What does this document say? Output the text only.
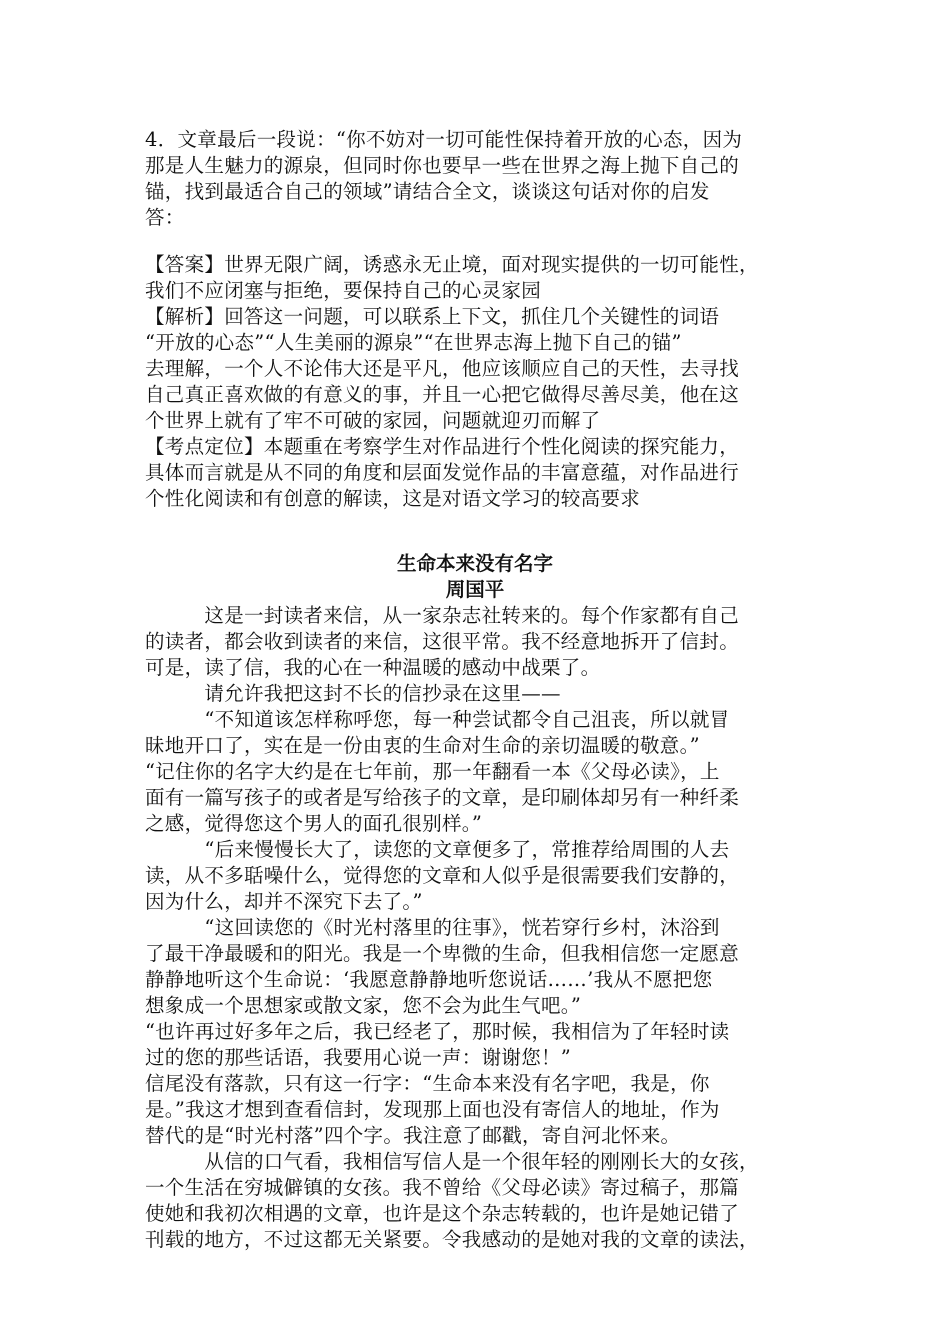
4．文章最后一段说：“你不妨对一切可能性保持着开放的心态，因为

那是人生魅力的源泉，但同时你也要早一些在世界之海上抛下自己的

锚，找到最适合自己的领域”请结合全文，谈谈这句话对你的启发

答：

【答案】世界无限广阔，诱惑永无止境，面对现实提供的一切可能性，

我们不应闭塞与拒绝，要保持自己的心灵家园

【解析】回答这一问题，可以联系上下文，抓住几个关键性的词语

“开放的心态”“人生美丽的源泉”“在世界志海上抛下自己的锚”

去理解，一个人不论伟大还是平凡，他应该顺应自己的天性，去寻找

自己真正喜欢做的有意义的事，并且一心把它做得尽善尽美，他在这

个世界上就有了牢不可破的家园，问题就迎刃而解了

【考点定位】本题重在考察学生对作品进行个性化阅读的探究能力，

具体而言就是从不同的角度和层面发觉作品的丰富意蕴，对作品进行

个性化阅读和有创意的解读，这是对语文学习的较高要求

生命本来没有名字
周国平

　　　这是一封读者来信，从一家杂志社转来的。每个作家都有自己

的读者，都会收到读者的来信，这很平常。我不经意地拆开了信封。

可是，读了信，我的心在一种温暖的感动中战栗了。

　　　请允许我把这封不长的信抄录在这里——

　　　“不知道该怎样称呼您，每一种尝试都令自己沮丧，所以就冒

昧地开口了，实在是一份由衷的生命对生命的亲切温暖的敬意。”

“记住你的名字大约是在七年前，那一年翻看一本《父母必读》，上

面有一篇写孩子的或者是写给孩子的文章，是印刷体却另有一种纤柔

之感，觉得您这个男人的面孔很别样。”

　　　“后来慢慢长大了，读您的文章便多了，常推荐给周围的人去

读，从不多聒噪什么，觉得您的文章和人似乎是很需要我们安静的，

因为什么，却并不深究下去了。”

　　　“这回读您的《时光村落里的往事》，恍若穿行乡村，沐浴到

了最干净最暖和的阳光。我是一个卑微的生命，但我相信您一定愿意

静静地听这个生命说：‘我愿意静静地听您说话……’我从不愿把您

想象成一个思想家或散文家，您不会为此生气吧。”

“也许再过好多年之后，我已经老了，那时候，我相信为了年轻时读

过的您的那些话语，我要用心说一声：谢谢您！”

信尾没有落款，只有这一行字：“生命本来没有名字吧，我是，你

是。”我这才想到查看信封，发现那上面也没有寄信人的地址，作为

替代的是“时光村落”四个字。我注意了邮戳，寄自河北怀来。

　　　从信的口气看，我相信写信人是一个很年轻的刚刚长大的女孩，

一个生活在穷城僻镇的女孩。我不曾给《父母必读》寄过稿子，那篇

使她和我初次相遇的文章，也许是这个杂志转载的，也许是她记错了

刊载的地方，不过这都无关紧要。令我感动的是她对我的文章的读法，
